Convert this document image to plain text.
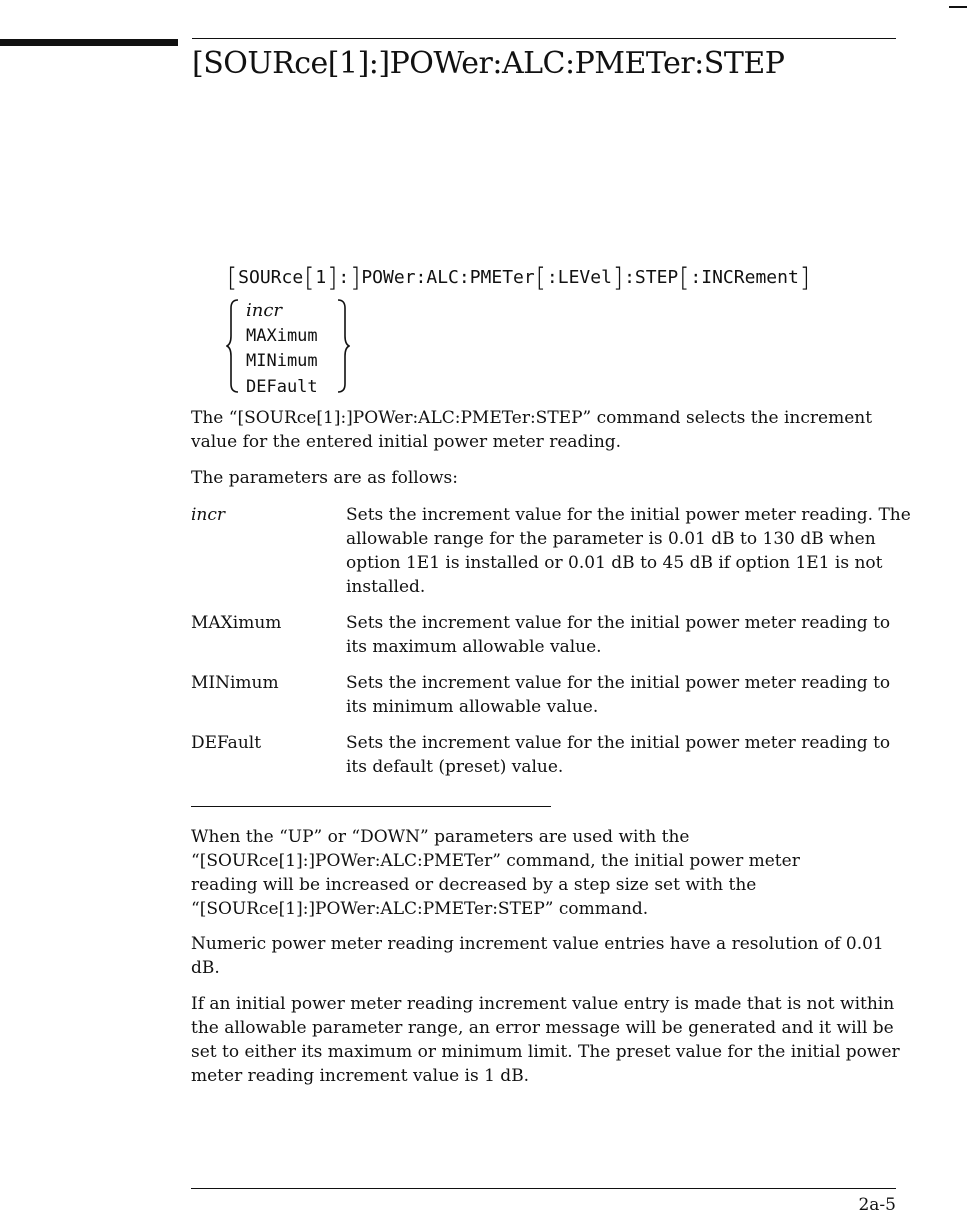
[SOURce[1]:]POWer:ALC:PMETer:STEP
[SOURce[1]:]POWer:ALC:PMETer[:LEVel]:STEP[:INCRement]
incr
MAXimum
MINimum
DEFault
The “[SOURce[1]:]POWer:ALC:PMETer:STEP” command selects the increment value for the entered initial power meter reading.
The parameters are as follows:
incr	Sets the increment value for the initial power meter reading. The allowable range for the parameter is 0.01 dB to 130 dB when option 1E1 is installed or 0.01 dB to 45 dB if option 1E1 is not installed.
MAXimum	Sets the increment value for the initial power meter reading to its maximum allowable value.
MINimum	Sets the increment value for the initial power meter reading to its minimum allowable value.
DEFault	Sets the increment value for the initial power meter reading to its default (preset) value.
When the “UP” or “DOWN” parameters are used with the “[SOURce[1]:]POWer:ALC:PMETer” command, the initial power meter reading will be increased or decreased by a step size set with the “[SOURce[1]:]POWer:ALC:PMETer:STEP” command.
Numeric power meter reading increment value entries have a resolution of 0.01 dB.
If an initial power meter reading increment value entry is made that is not within the allowable parameter range, an error message will be generated and it will be set to either its maximum or minimum limit. The preset value for the initial power meter reading increment value is 1 dB.
2a-5
